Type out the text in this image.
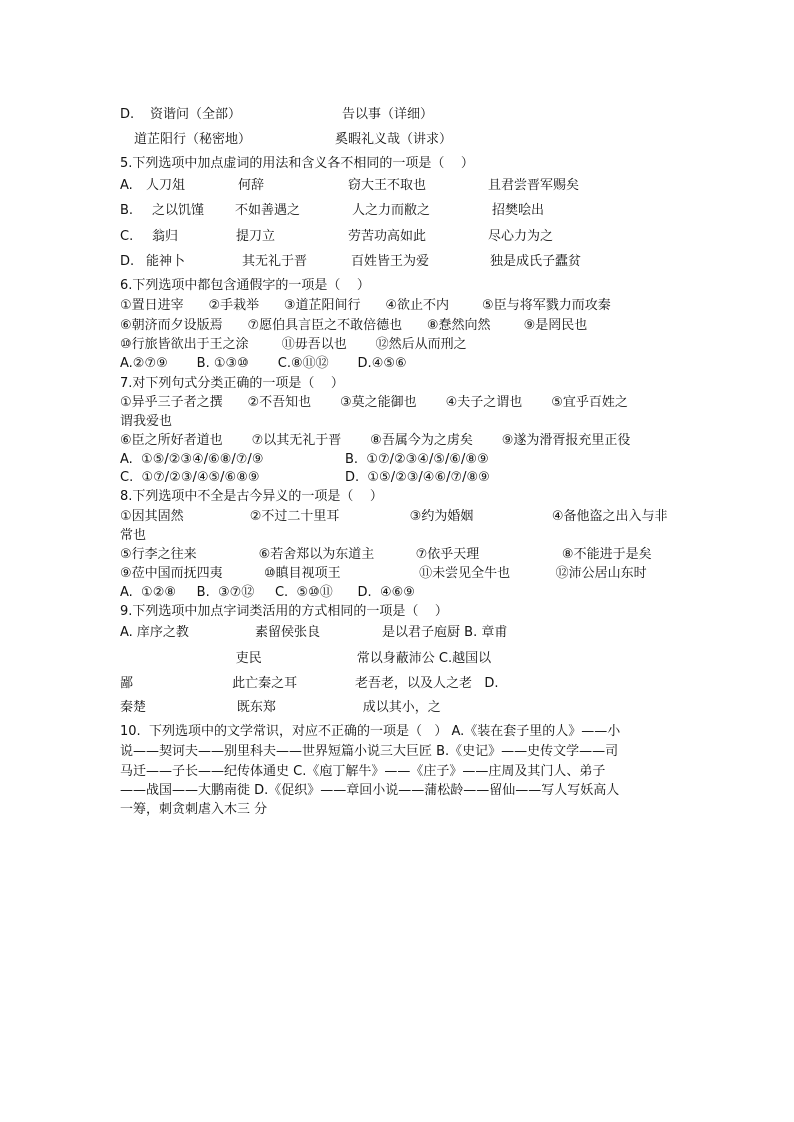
D. 资谐问（全部）	告以事（详细）
道芷阳行（秘密地）	奚暇礼义哉（讲求）
5.下列选项中加点虚词的用法和含义各不相同的一项是（    ）
A. 人刀俎	何辞	窃大王不取也	且君尝晋军赐矣
B. 之以饥馑 不如善遇之	人之力而敝之	招樊哙出
C. 翁归	提刀立	劳苦功高如此	尽心力为之
D. 能神卜	其无礼于晋	百姓皆王为爱	独是成氏子蠹贫
6.下列选项中都包含通假字的一项是（    ）
①置日进宰      ②手栽举      ③道芷阳间行      ④欲止不内        ⑤臣与将军戮力而攻秦
⑥朝济而夕设版焉      ⑦愿伯具言臣之不敢倍德也      ⑧惷然向然        ⑨是罔民也
⑩行旅皆欲出于王之涂        ⑪毋吾以也       ⑫然后从而刑之
A.②⑦⑨       B. ①③⑩       C.⑧⑪⑫       D.④⑤⑥
7.对下列句式分类正确的一项是（    ）
①异乎三子者之撰      ②不吾知也       ③莫之能御也       ④夫子之谓也       ⑤宜乎百姓之
谓我爱也
⑥臣之所好者道也       ⑦以其无礼于晋       ⑧吾属今为之虏矣       ⑨遂为滑胥报充里正役
A.  ①⑤/②③④/⑥⑧/⑦/⑨	B.  ①⑦/②③④/⑤/⑥/⑧⑨
C.  ①⑦/②③/④⑤/⑥⑧⑨	D.  ①⑤/②③/④⑥/⑦/⑧⑨
8.下列选项中不全是古今异义的一项是（    ）
①因其固然                ②不过二十里耳                 ③约为婚姻                   ④备他盗之出入与非
常也
⑤行李之往来               ⑥若舍郑以为东道主          ⑦依乎天理                    ⑧不能进于是矣
⑨莅中国而抚四夷          ⑩瞋目视项王                   ⑪未尝见全牛也           ⑫沛公居山东时
A.  ①②⑧     B.  ③⑦⑫     C.  ⑤⑩⑪      D.  ④⑥⑨
9.下列选项中加点字词类活用的方式相同的一项是（    ）
A. 庠序之教                素留侯张良               是以君子庖厨 B. 章甫
吏民                       常以身蔽沛公 C.越国以
鄙                        此亡秦之耳              老吾老，以及人之老   D.
秦楚                      既东郑                     成以其小，之
10.  下列选项中的文学常识，对应不正确的一项是（   ） A.《装在套子里的人》——小
说——契诃夫——别里科夫——世界短篇小说三大巨匠 B.《史记》——史传文学——司
马迁——子长——纪传体通史 C.《庖丁解牛》——《庄子》——庄周及其门人、弟子
——战国——大鹏南徙 D.《促织》——章回小说——蒲松龄——留仙——写人写妖高人
一筹，刺贪刺虐入木三 分
